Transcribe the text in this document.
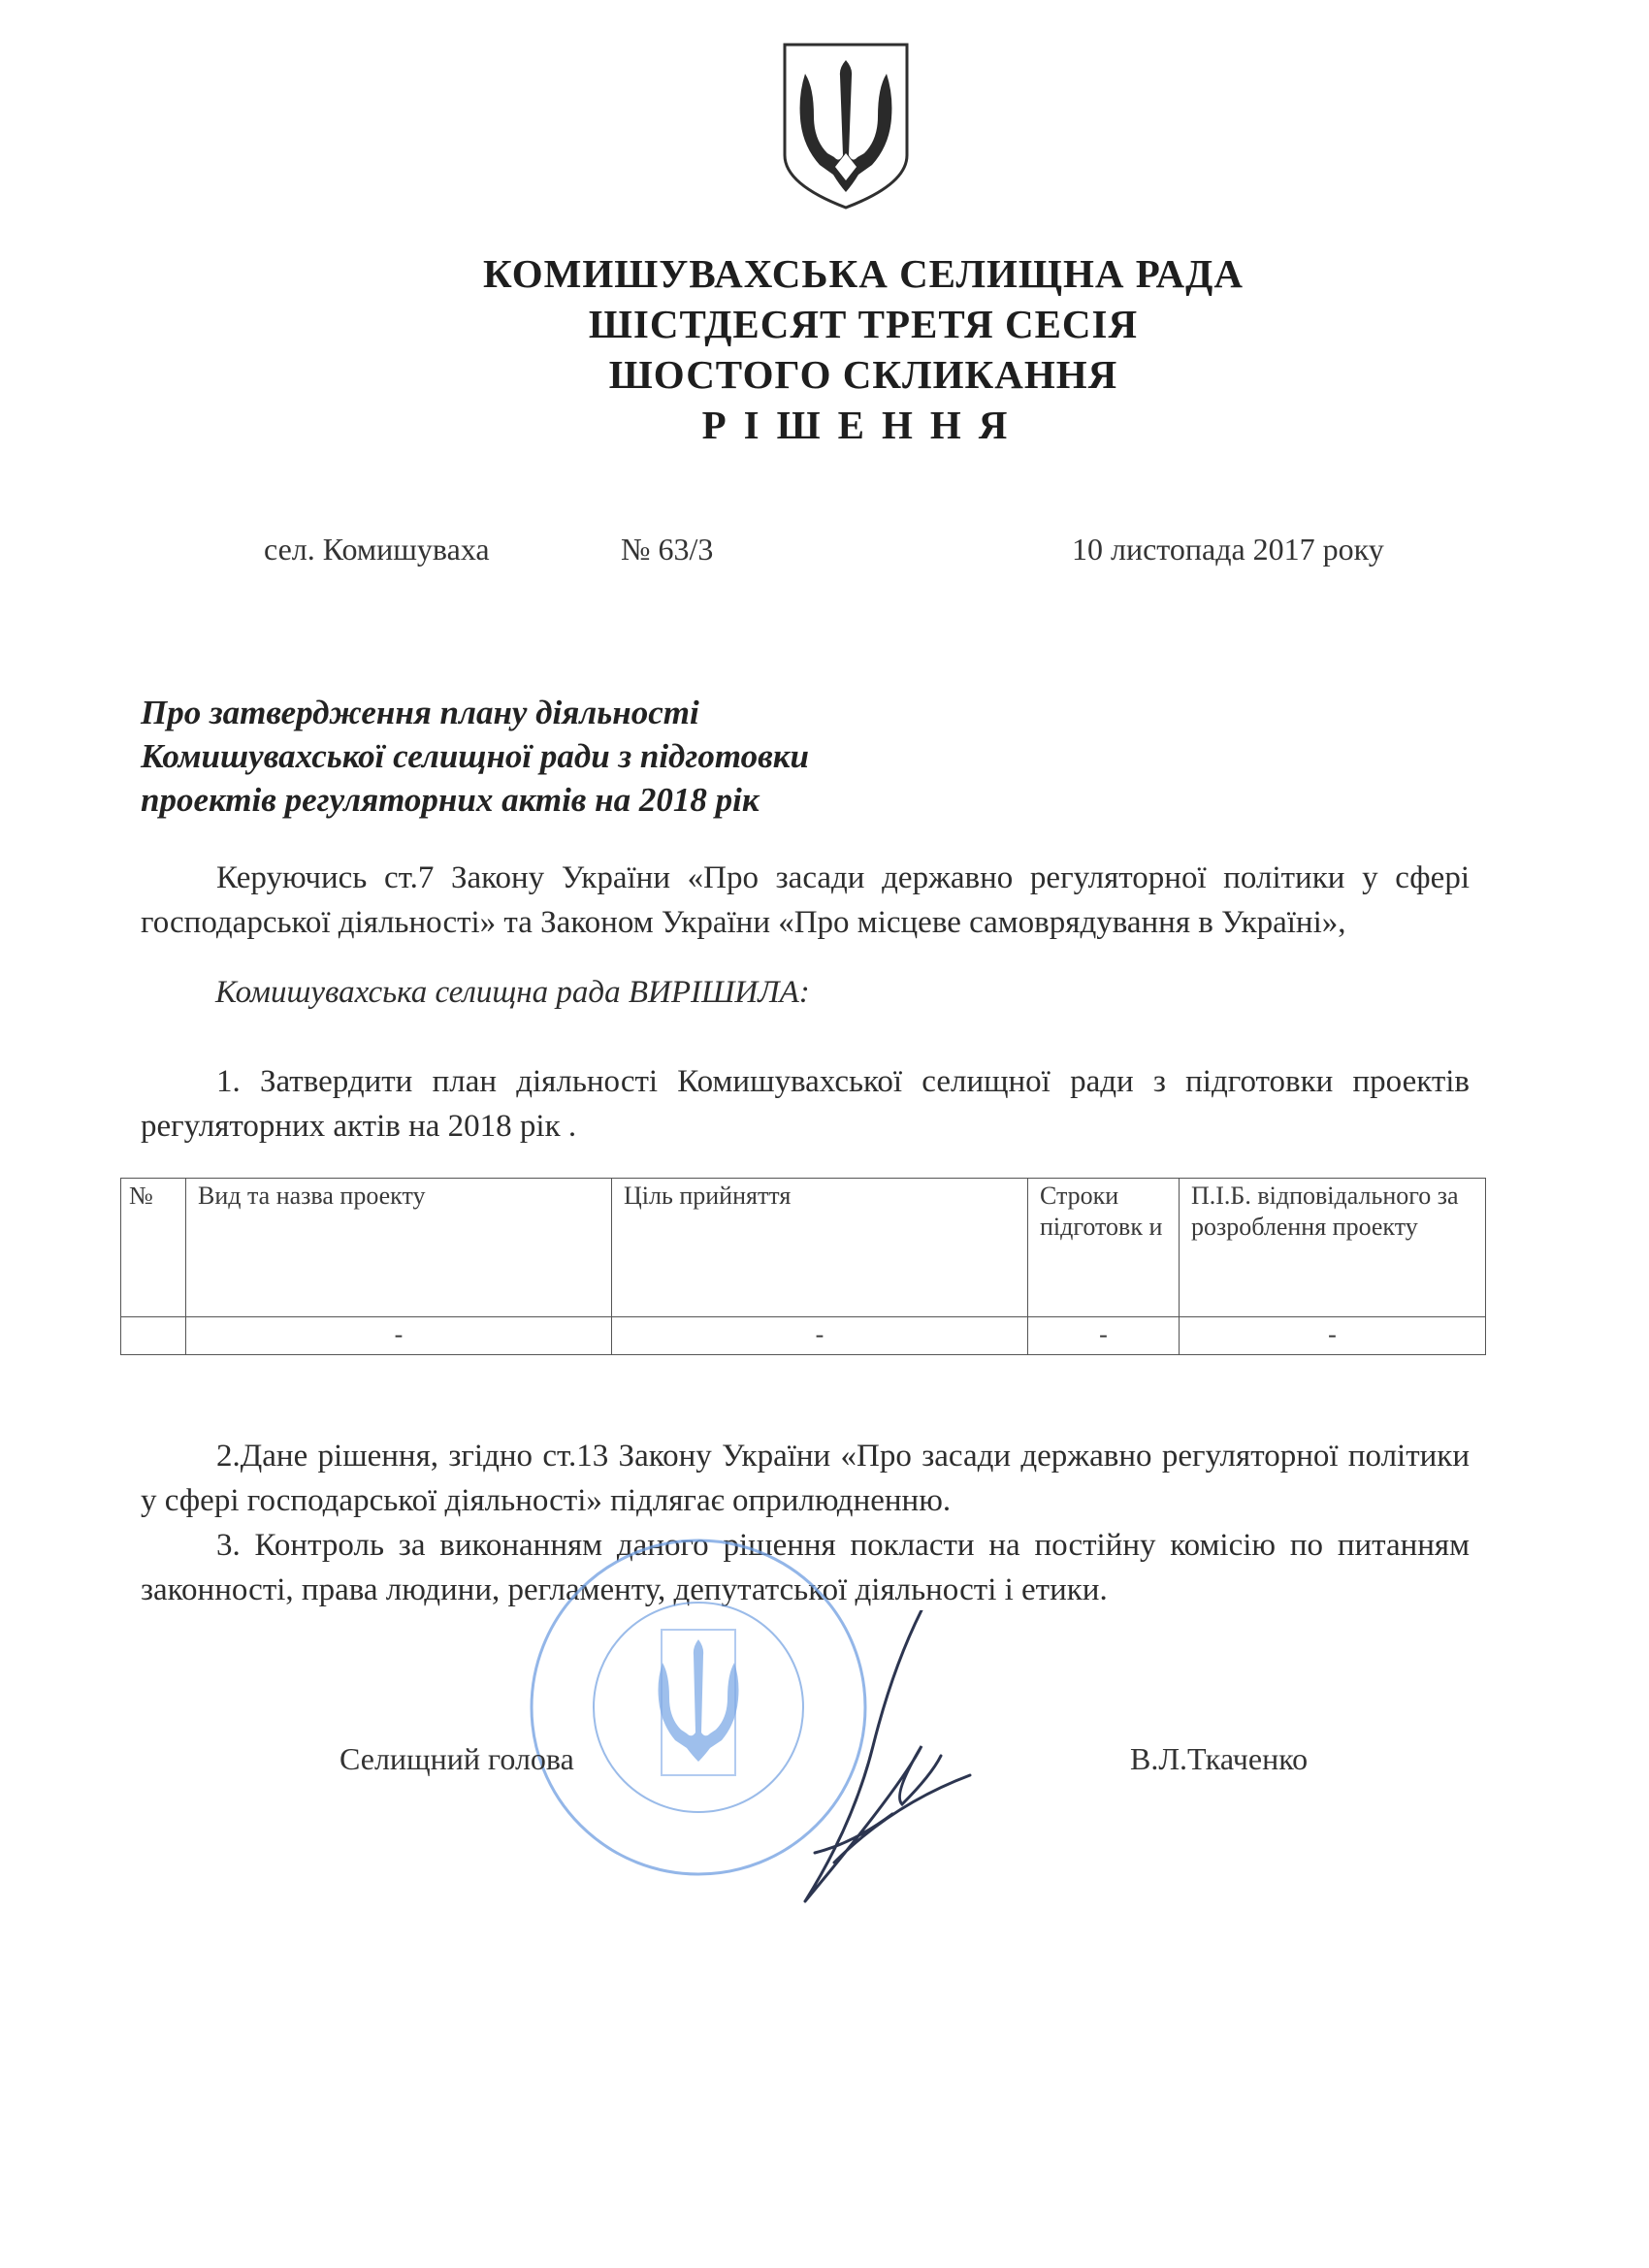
КОМИШУВАХСЬКА СЕЛИЩНА РАДА
ШІСТДЕСЯТ ТРЕТЯ СЕСІЯ
ШОСТОГО СКЛИКАННЯ
РІШЕННЯ
сел. Комишуваха	№ 63/3	10 листопада 2017 року
Про затвердження плану діяльності
Комишувахської селищної ради з підготовки
проектів регуляторних актів на 2018 рік
Керуючись ст.7 Закону України «Про засади державно регуляторної політики у сфері господарської діяльності» та Законом України «Про місцеве самоврядування в Україні»,
Комишувахська селищна рада ВИРІШИЛА:
1. Затвердити план діяльності Комишувахської селищної ради з підготовки проектів регуляторних актів на 2018 рік .
№	Вид та назва проекту	Ціль прийняття	Строки підготовк и	П.І.Б. відповідального за розроблення проекту
	-	-	-	-
2.Дане рішення, згідно ст.13 Закону України «Про засади державно регуляторної політики у сфері господарської діяльності» підлягає оприлюдненню.
3. Контроль за виконанням даного рішення покласти на постійну комісію по питанням законності, права людини, регламенту, депутатської діяльності і етики.
Селищний голова	В.Л.Ткаченко
